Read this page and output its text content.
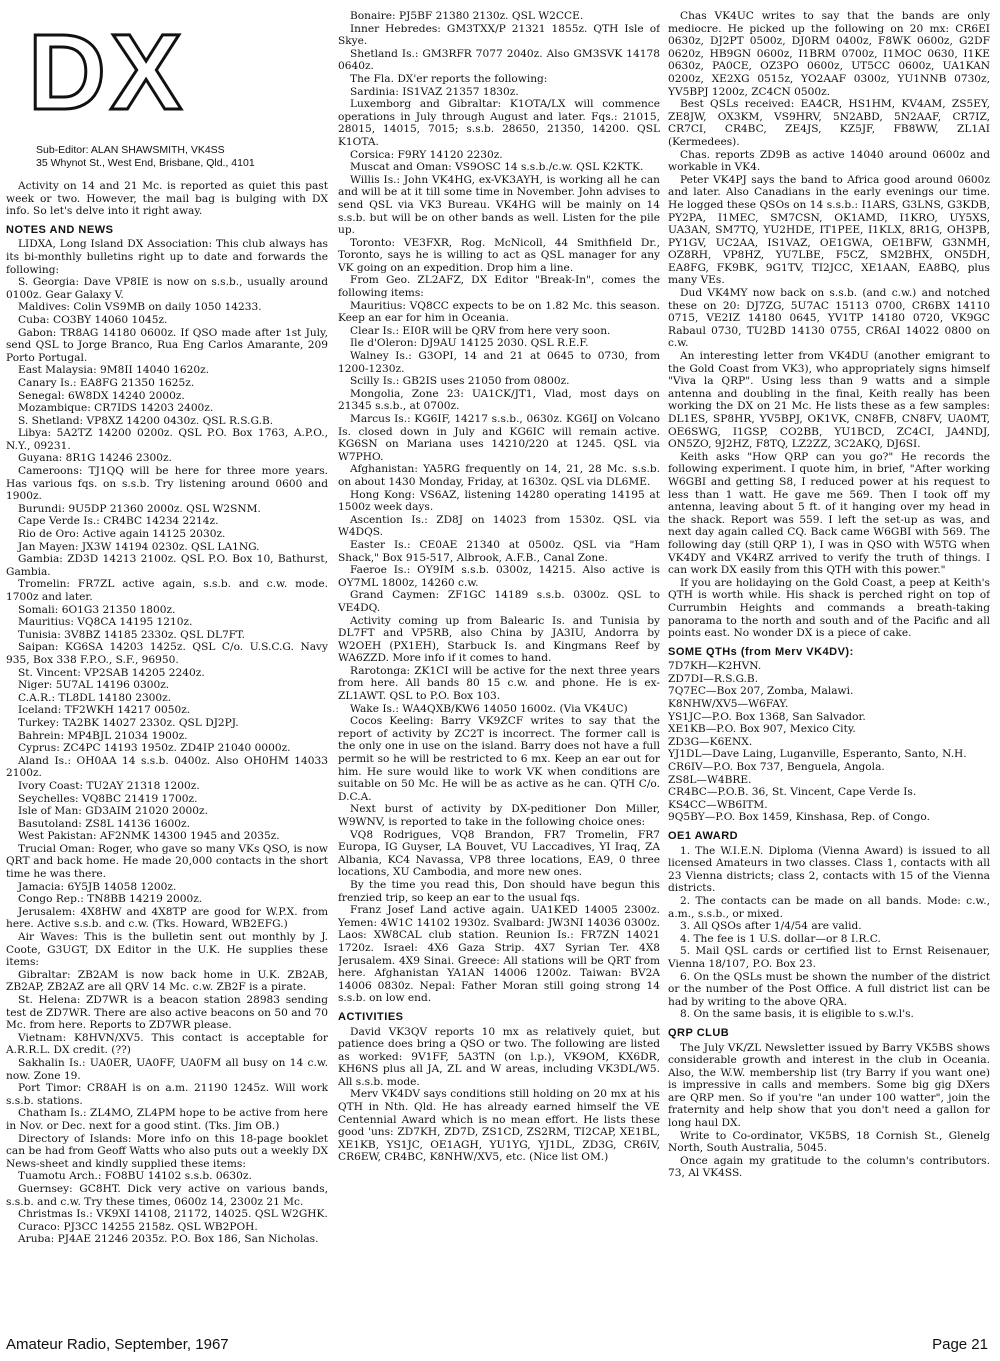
DX
Sub-Editor: ALAN SHAWSMITH, VK4SS
35 Whynot St., West End, Brisbane, Qld., 4101

Activity on 14 and 21 Mc. is reported as quiet this past week or two. However, the mail bag is bulging with DX info. So let's delve into it right away.

NOTES AND NEWS

LIDXA, Long Island DX Association: This club always has its bi-monthly bulletins right up to date and forwards the following:

S. Georgia: Dave VP8IE is now on s.s.b., usually around 0100z. Gear Galaxy V.

Maldives: Colin VS9MB on daily 1050 14233.

Cuba: CO3BY 14060 1045z.

Gabon: TR8AG 14180 0600z. If QSO made after 1st July, send QSL to Jorge Branco, Rua Eng Carlos Amarante, 209 Porto Portugal.

East Malaysia: 9M8II 14040 1620z.

Canary Is.: EA8FG 21350 1625z.

Senegal: 6W8DX 14240 2000z.

Mozambique: CR7IDS 14203 2400z.

S. Shetland: VP8XZ 14200 0430z. QSL R.S.G.B.

Libya: 5A2TZ 14200 0200z. QSL P.O. Box 1763, A.P.O., N.Y., 09231.

Guyana: 8R1G 14246 2300z.

Cameroons: TJ1QQ will be here for three more years. Has various fqs. on s.s.b. Try listening around 0600 and 1900z.

Burundi: 9U5DP 21360 2000z. QSL W2SNM.

Cape Verde Is.: CR4BC 14234 2214z.

Rio de Oro: Active again 14125 2030z.

Jan Mayen: JX3W 14194 0230z. QSL LA1NG.

Gambia: ZD3D 14213 2100z. QSL P.O. Box 10, Bathurst, Gambia.

Tromelin: FR7ZL active again, s.s.b. and c.w. mode. 1700z and later.

Somali: 6O1G3 21350 1800z.

Mauritius: VQ8CA 14195 1210z.

Tunisia: 3V8BZ 14185 2330z. QSL DL7FT.

Saipan: KG6SA 14203 1425z. QSL C/o. U.S.C.G. Navy 935, Box 338 F.P.O., S.F., 96950.

St. Vincent: VP2SAB 14205 2240z.

Niger: 5U7AL 14196 0300z.

C.A.R.: TL8DL 14180 2300z.

Iceland: TF2WKH 14217 0050z.

Turkey: TA2BK 14027 2330z. QSL DJ2PJ.

Bahrein: MP4BJL 21034 1900z.

Cyprus: ZC4PC 14193 1950z. ZD4IP 21040 0000z.

Aland Is.: OH0AA 14 s.s.b. 0400z. Also OH0HM 14033 2100z.

Ivory Coast: TU2AY 21318 1200z.

Seychelles: VQ8BC 21419 1700z.

Isle of Man: GD3AIM 21020 2000z.

Basutoland: ZS8L 14136 1600z.

West Pakistan: AF2NMK 14300 1945 and 2035z.

Trucial Oman: Roger, who gave so many VKs QSO, is now QRT and back home. He made 20,000 contacts in the short time he was there.

Jamacia: 6Y5JB 14058 1200z.

Congo Rep.: TN8BB 14219 2000z.

Jerusalem: 4X8HW and 4X8TP are good for W.P.X. from here. Active s.s.b. and c.w. (Tks. Howard, WB2EFG.)

Air Waves: This is the bulletin sent out monthly by J. Coote, G3UGT, DX Editor in the U.K. He supplies these items:

Gibraltar: ZB2AM is now back home in U.K. ZB2AB, ZB2AP, ZB2AZ are all QRV 14 Mc. c.w. ZB2F is a pirate.

St. Helena: ZD7WR is a beacon station 28983 sending test de ZD7WR. There are also active beacons on 50 and 70 Mc. from here. Reports to ZD7WR please.

Vietnam: K8HVN/XV5. This contact is acceptable for A.R.R.L. DX credit. (??)

Sakhalin Is.: UA0ER, UA0FF, UA0FM all busy on 14 c.w. now. Zone 19.

Port Timor: CR8AH is on a.m. 21190 1245z. Will work s.s.b. stations.

Chatham Is.: ZL4MO, ZL4PM hope to be active from here in Nov. or Dec. next for a good stint. (Tks. Jim OB.)

Directory of Islands: More info on this 18-page booklet can be had from Geoff Watts who also puts out a weekly DX News-sheet and kindly supplied these items:

Tuamotu Arch.: FO8BU 14102 s.s.b. 0630z.

Guernsey: GC8HT. Dick very active on various bands, s.s.b. and c.w. Try these times, 0600z 14, 2300z 21 Mc.

Christmas Is.: VK9XI 14108, 21172, 14025. QSL W2GHK.

Curaco: PJ3CC 14255 2158z. QSL WB2POH.

Aruba: PJ4AE 21246 2035z. P.O. Box 186, San Nicholas.

Bonaire: PJ5BF 21380 2130z. QSL W2CCE.

Inner Hebredes: GM3TXX/P 21321 1855z. QTH Isle of Skye.

Shetland Is.: GM3RFR 7077 2040z. Also GM3SVK 14178 0640z.

The Fla. DX'er reports the following:

Sardinia: IS1VAZ 21357 1830z.

Luxemborg and Gibraltar: K1OTA/LX will commence operations in July through August and later. Fqs.: 21015, 28015, 14015, 7015; s.s.b. 28650, 21350, 14200. QSL K1OTA.

Corsica: F9RY 14120 2230z.

Muscat and Oman: VS9OSC 14 s.s.b./c.w. QSL K2KTK.

Willis Is.: John VK4HG, ex-VK3AYH, is working all he can and will be at it till some time in November. John advises to send QSL via VK3 Bureau. VK4HG will be mainly on 14 s.s.b. but will be on other bands as well. Listen for the pile up.

Toronto: VE3FXR, Rog. McNicoll, 44 Smithfield Dr., Toronto, says he is willing to act as QSL manager for any VK going on an expedition. Drop him a line.

From Geo. ZL2AFZ, DX Editor "Break-In", comes the following items:

Mauritius: VQ8CC expects to be on 1.82 Mc. this season. Keep an ear for him in Oceania.

Clear Is.: EI0R will be QRV from here very soon.

Ile d'Oleron: DJ9AU 14125 2030. QSL R.E.F.

Walney Is.: G3OPI, 14 and 21 at 0645 to 0730, from 1200-1230z.

Scilly Is.: GB2IS uses 21050 from 0800z.

Mongolia, Zone 23: UA1CK/JT1, Vlad, most days on 21345 s.s.b., at 0700z.

Marcus Is.: KG6IF, 14217 s.s.b., 0630z. KG6IJ on Volcano Is. closed down in July and KG6IC will remain active. KG6SN on Mariana uses 14210/220 at 1245. QSL via W7PHO.

Afghanistan: YA5RG frequently on 14, 21, 28 Mc. s.s.b. on about 1430 Monday, Friday, at 1630z. QSL via DL6ME.

Hong Kong: VS6AZ, listening 14280 operating 14195 at 1500z week days.

Ascention Is.: ZD8J on 14023 from 1530z. QSL via W4DQS.

Easter Is.: CE0AE 21340 at 0500z. QSL via "Ham Shack," Box 915-517, Albrook, A.F.B., Canal Zone.

Faeroe Is.: OY9IM s.s.b. 0300z, 14215. Also active is OY7ML 1800z, 14260 c.w.

Grand Caymen: ZF1GC 14189 s.s.b. 0300z. QSL to VE4DQ.

Activity coming up from Balearic Is. and Tunisia by DL7FT and VP5RB, also China by JA3IU, Andorra by W2OEH (PX1EH), Starbuck Is. and Kingmans Reef by WA6ZZD. More info if it comes to hand.

Rarotonga: ZK1CI will be active for the next three years from here. All bands 80 15 c.w. and phone. He is ex-ZL1AWT. QSL to P.O. Box 103.

Wake Is.: WA4QXB/KW6 14050 1600z. (Via VK4UC)

Cocos Keeling: Barry VK9ZCF writes to say that the report of activity by ZC2T is incorrect. The former call is the only one in use on the island. Barry does not have a full permit so he will be restricted to 6 mx. Keep an ear out for him. He sure would like to work VK when conditions are suitable on 50 Mc. He will be as active as he can. QTH C/o. D.C.A.

Next burst of activity by DX-peditioner Don Miller, W9WNV, is reported to take in the following choice ones:

VQ8 Rodrigues, VQ8 Brandon, FR7 Tromelin, FR7 Europa, IG Guyser, LA Bouvet, VU Laccadives, YI Iraq, ZA Albania, KC4 Navassa, VP8 three locations, EA9, 0 three locations, XU Cambodia, and more new ones.

By the time you read this, Don should have begun this frenzied trip, so keep an ear to the usual fqs.

Franz Josef Land active again. UA1KED 14005 2300z. Yemen: 4W1C 14102 1930z. Svalbard: JW3NI 14036 0300z. Laos: XW8CAL club station. Reunion Is.: FR7ZN 14021 1720z. Israel: 4X6 Gaza Strip. 4X7 Syrian Ter. 4X8 Jerusalem. 4X9 Sinai. Greece: All stations will be QRT from here. Afghanistan YA1AN 14006 1200z. Taiwan: BV2A 14006 0830z. Nepal: Father Moran still going strong 14 s.s.b. on low end.

ACTIVITIES

David VK3QV reports 10 mx as relatively quiet, but patience does bring a QSO or two. The following are listed as worked: 9V1FF, 5A3TN (on l.p.), VK9OM, KX6DR, KH6NS plus all JA, ZL and W areas, including VK3DL/W5. All s.s.b. mode.

Merv VK4DV says conditions still holding on 20 mx at his QTH in Nth. Qld. He has already earned himself the VE Centennial Award which is no mean effort. He lists these good 'uns: ZD7KH, ZD7D, ZS1CD, ZS2RM, TI2CAP, XE1BL, XE1KB, YS1JC, OE1AGH, YU1YG, YJ1DL, ZD3G, CR6IV, CR6EW, CR4BC, K8NHW/XV5, etc. (Nice list OM.)

Chas VK4UC writes to say that the bands are only mediocre. He picked up the following on 20 mx: CR6EI 0630z, DJ2PT 0500z, DJ0RM 0400z, F8WK 0600z, G2DF 0620z, HB9GN 0600z, I1BRM 0700z, I1MOC 0630, I1KE 0630z, PA0CE, OZ3PO 0600z, UT5CC 0600z, UA1KAN 0200z, XE2XG 0515z, YO2AAF 0300z, YU1NNB 0730z, YV5BPJ 1200z, ZC4CN 0500z.

Best QSLs received: EA4CR, HS1HM, KV4AM, ZS5EY, ZE8JW, OX3KM, VS9HRV, 5N2ABD, 5N2AAF, CR7IZ, CR7CI, CR4BC, ZE4JS, KZ5JF, FB8WW, ZL1AI (Kermedees).

Chas. reports ZD9B as active 14040 around 0600z and workable in VK4.

Peter VK4PJ says the band to Africa good around 0600z and later. Also Canadians in the early evenings our time. He logged these QSOs on 14 s.s.b.: I1ARS, G3LNS, G3KDB, PY2PA, I1MEC, SM7CSN, OK1AMD, I1KRO, UY5XS, UA3AN, SM7TQ, YU2HDE, IT1PEE, I1KLX, 8R1G, OH3PB, PY1GV, UC2AA, IS1VAZ, OE1GWA, OE1BFW, G3NMH, OZ8RH, VP8HZ, YU7LBE, F5CZ, SM2BHX, ON5DH, EA8FG, FK9BK, 9G1TV, TI2JCC, XE1AAN, EA8BQ, plus many VEs.

Dud VK4MY now back on s.s.b. (and c.w.) and notched these on 20: DJ7ZG, 5U7AC 15113 0700, CR6BX 14110 0715, VE2IZ 14180 0645, YV1TP 14180 0720, VK9GC Rabaul 0730, TU2BD 14130 0755, CR6AI 14022 0800 on c.w.

An interesting letter from VK4DU (another emigrant to the Gold Coast from VK3), who appropriately signs himself "Viva la QRP". Using less than 9 watts and a simple antenna and doubling in the final, Keith really has been working the DX on 21 Mc. He lists these as a few samples: DL1ES, SP8HR, YV5BPJ, OK1VK, CN8FB, CN8FV, UA0MT, OE6SWG, I1GSP, CO2BB, YU1BCD, ZC4CI, JA4NDJ, ON5ZO, 9J2HZ, F8TQ, LZ2ZZ, 3C2AKQ, DJ6SI.

Keith asks "How QRP can you go?" He records the following experiment. I quote him, in brief, "After working W6GBI and getting S8, I reduced power at his request to less than 1 watt. He gave me 569. Then I took off my antenna, leaving about 5 ft. of it hanging over my head in the shack. Report was 559. I left the set-up as was, and next day again called CQ. Back came W6GBI with 569. The following day (still QRP 1), I was in QSO with W5TG when VK4DY and VK4RZ arrived to verify the truth of things. I can work DX easily from this QTH with this power."

If you are holidaying on the Gold Coast, a peep at Keith's QTH is worth while. His shack is perched right on top of Currumbin Heights and commands a breath-taking panorama to the north and south and of the Pacific and all points east. No wonder DX is a piece of cake.

SOME QTHs (from Merv VK4DV):

7D7KH—K2HVN.

ZD7DI—R.S.G.B.

7Q7EC—Box 207, Zomba, Malawi.

K8NHW/XV5—W6FAY.

YS1JC—P.O. Box 1368, San Salvador.

XE1KB—P.O. Box 907, Mexico City.

ZD3G—K6ENX.

YJ1DL—Dave Laing, Luganville, Esperanto, Santo, N.H.

CR6IV—P.O. Box 737, Benguela, Angola.

ZS8L—W4BRE.

CR4BC—P.O.B. 36, St. Vincent, Cape Verde Is.

KS4CC—WB6ITM.

9Q5BY—P.O. Box 1459, Kinshasa, Rep. of Congo.

OE1 AWARD

1. The W.I.E.N. Diploma (Vienna Award) is issued to all licensed Amateurs in two classes. Class 1, contacts with all 23 Vienna districts; class 2, contacts with 15 of the Vienna districts.

2. The contacts can be made on all bands. Mode: c.w., a.m., s.s.b., or mixed.

3. All QSOs after 1/4/54 are valid.

4. The fee is 1 U.S. dollar—or 8 I.R.C.

5. Mail QSL cards or certified list to Ernst Reisenauer, Vienna 18/107, P.O. Box 23.

6. On the QSLs must be shown the number of the district or the number of the Post Office. A full district list can be had by writing to the above QRA.

8. On the same basis, it is eligible to s.w.l's.

QRP CLUB

The July VK/ZL Newsletter issued by Barry VK5BS shows considerable growth and interest in the club in Oceania. Also, the W.W. membership list (try Barry if you want one) is impressive in calls and members. Some big gig DXers are QRP men. So if you're "an under 100 watter", join the fraternity and help show that you don't need a gallon for long haul DX.

Write to Co-ordinator, VK5BS, 18 Cornish St., Glenelg North, South Australia, 5045.

Once again my gratitude to the column's contributors. 73, Al VK4SS.

Amateur Radio, September, 1967	Page 21
